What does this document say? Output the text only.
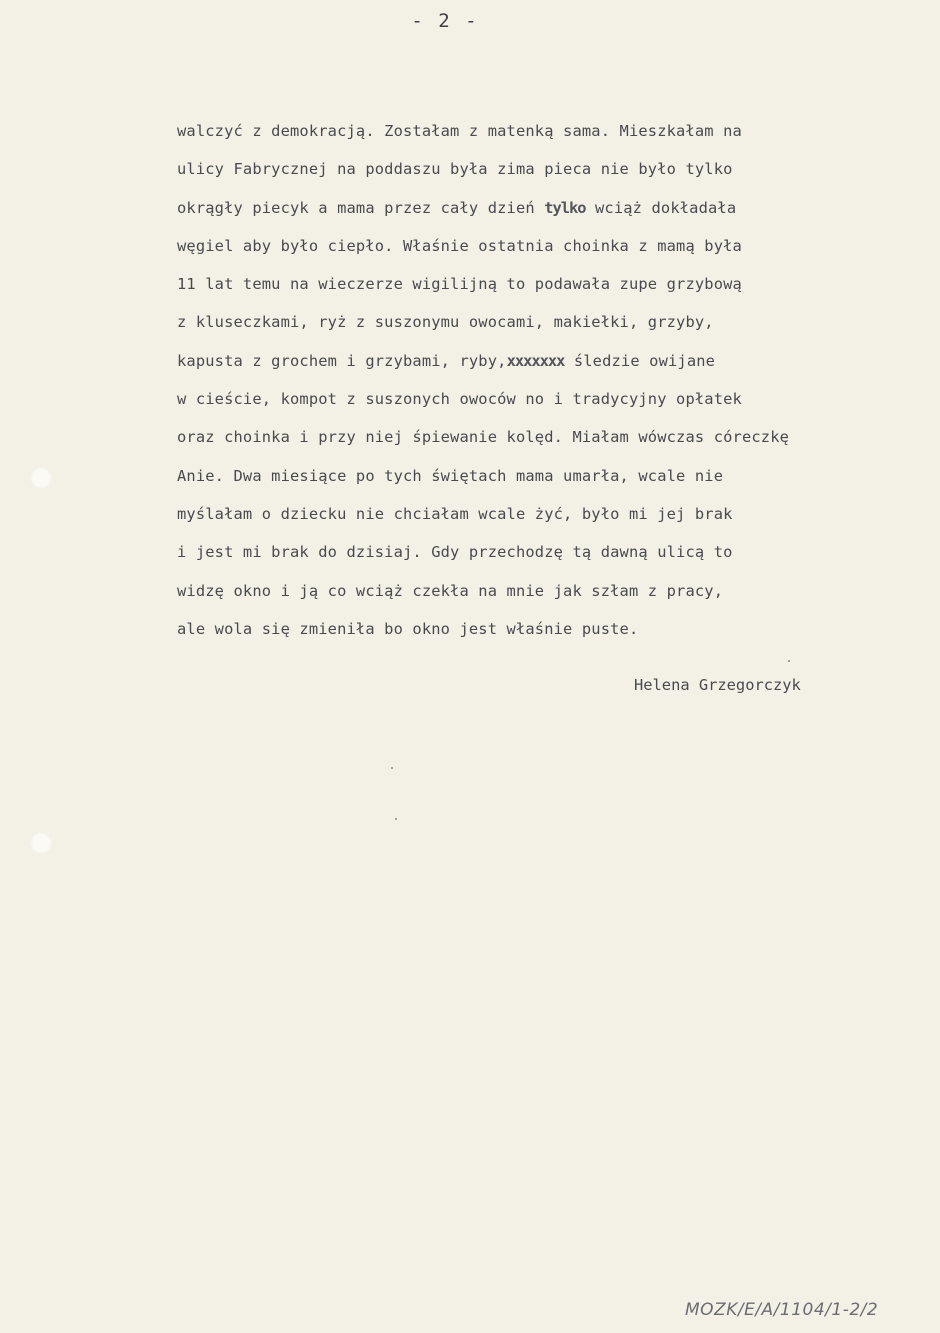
- 2 -
walczyć z demokracją. Zostałam z matenką sama. Mieszkałam na
ulicy Fabrycznej na poddaszu była zima pieca nie było tylko
okrągły piecyk a mama przez cały dzień tylko wciąż dokładała
węgiel aby było ciepło. Właśnie ostatnia choinka z mamą była
11 lat temu na wieczerze wigilijną to podawała zupe grzybową
z kluseczkami, ryż z suszonymu owocami, makiełki, grzyby,
kapusta z grochem i grzybami, ryby,xxxxxxx śledzie owijane
w cieście, kompot z suszonych owoców no i tradycyjny opłatek
oraz choinka i przy niej śpiewanie kolęd. Miałam wówczas córeczkę
Anie. Dwa miesiące po tych świętach mama umarła, wcale nie
myślałam o dziecku nie chciałam wcale żyć, było mi jej brak
i jest mi brak do dzisiaj. Gdy przechodzę tą dawną ulicą to
widzę okno i ją co wciąż czekła na mnie jak szłam z pracy,
ale wola się zmieniła bo okno jest właśnie puste.
Helena Grzegorczyk
MOZK/E/A/1104/1-2/2
